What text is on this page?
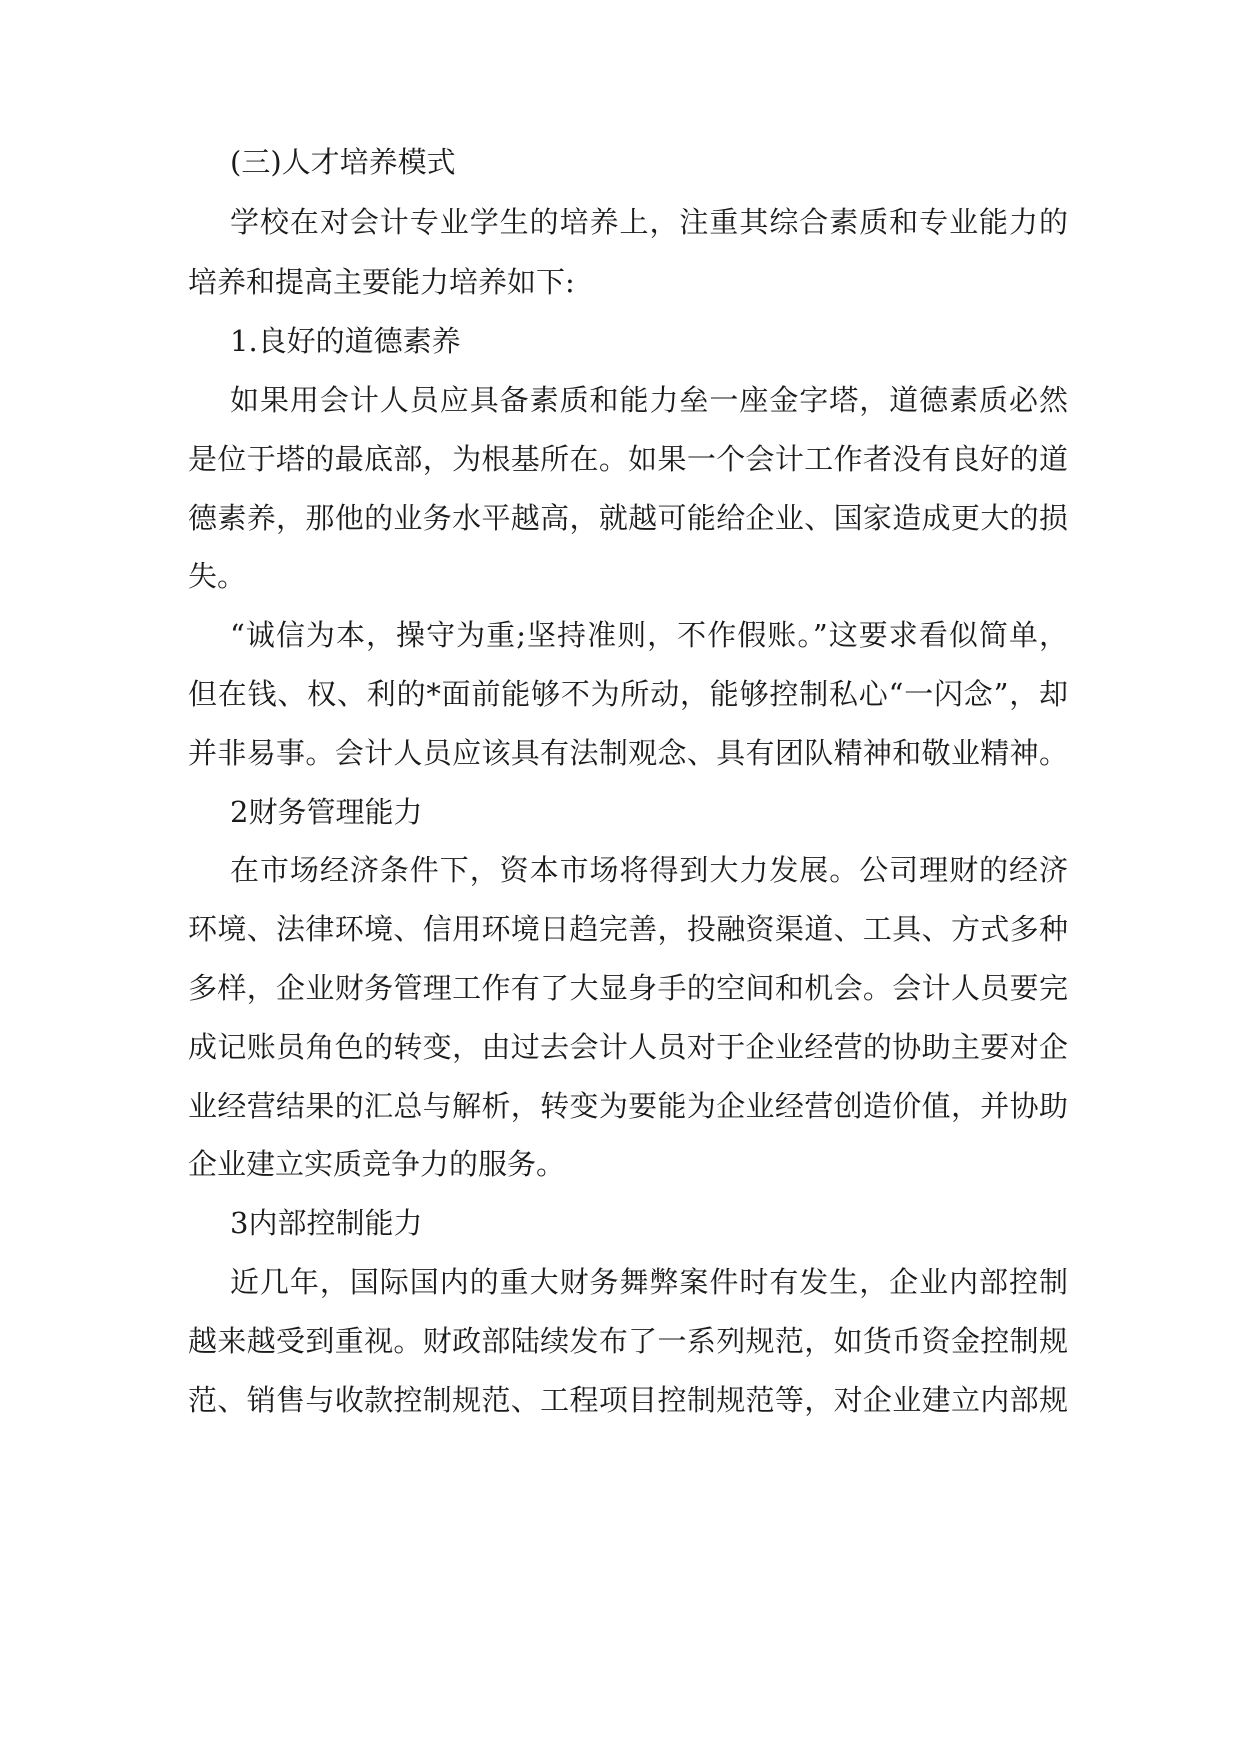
(三)人才培养模式
学校在对会计专业学生的培养上，注重其综合素质和专业能力的
培养和提高主要能力培养如下:
1.良好的道德素养
如果用会计人员应具备素质和能力垒一座金字塔，道德素质必然
是位于塔的最底部，为根基所在。如果一个会计工作者没有良好的道
德素养，那他的业务水平越高，就越可能给企业、国家造成更大的损
失。
“诚信为本，操守为重;坚持准则，不作假账。”这要求看似简单，
但在钱、权、利的*面前能够不为所动，能够控制私心“一闪念”，却
并非易事。会计人员应该具有法制观念、具有团队精神和敬业精神。
2财务管理能力
在市场经济条件下，资本市场将得到大力发展。公司理财的经济
环境、法律环境、信用环境日趋完善，投融资渠道、工具、方式多种
多样，企业财务管理工作有了大显身手的空间和机会。会计人员要完
成记账员角色的转变，由过去会计人员对于企业经营的协助主要对企
业经营结果的汇总与解析，转变为要能为企业经营创造价值，并协助
企业建立实质竞争力的服务。
3内部控制能力
近几年，国际国内的重大财务舞弊案件时有发生，企业内部控制
越来越受到重视。财政部陆续发布了一系列规范，如货币资金控制规
范、销售与收款控制规范、工程项目控制规范等，对企业建立内部规
